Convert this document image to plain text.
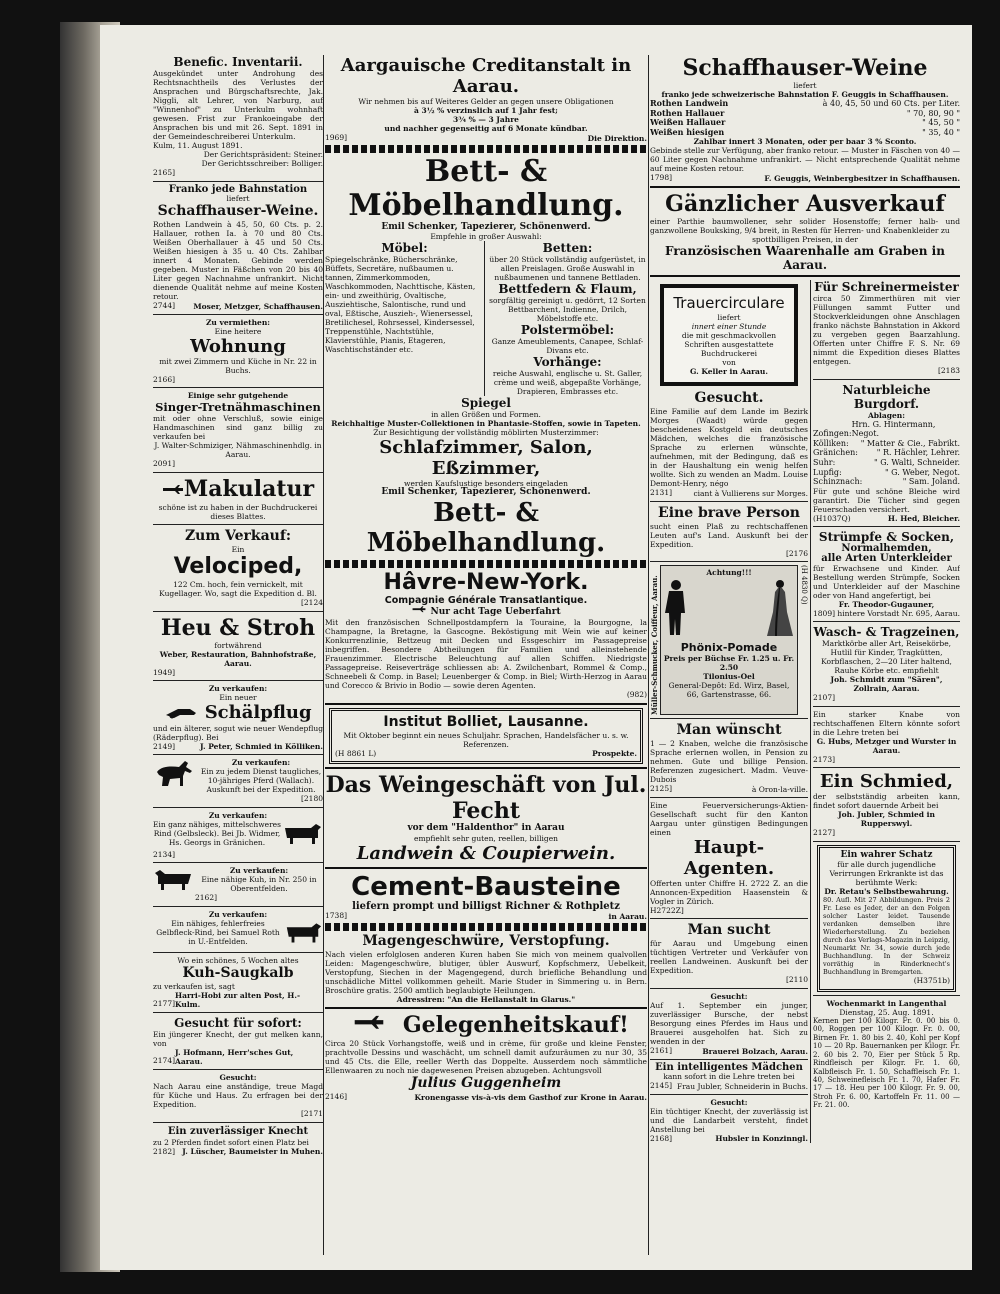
Benefic. Inventarii.
Ausgekündet unter Androhung des Rechtsnachtheils des Verlustes der Ansprachen und Bürgschaftsrechte, Jak. Niggli, alt Lehrer, von Narburg, auf "Winnenhof" zu Unterkulm wohnhaft gewesen. Frist zur Frankoeingabe der Ansprachen bis und mit 26. Sept. 1891 in der Gemeindeschreiberei Unterkulm.
Kulm, 11. August 1891.
Der Gerichtspräsident: Steiner.
Der Gerichtsschreiber: Bolliger.
2165]
Franko jede Bahnstation
liefert
Schaffhauser-Weine.
Rothen Landwein à 45, 50, 60 Cts. p. 2. Hallauer, rothen Ia. à 70 und 80 Cts. Weißen Oberhallauer à 45 und 50 Cts. Weißen hiesigen à 35 u. 40 Cts. Zahlbar innert 4 Monaten. Gebinde werden gegeben. Muster in Fäßchen von 20 bis 40 Liter gegen Nachnahme unfrankirt. Nicht dienende Qualität nehme auf meine Kosten retour.
2744] Moser, Metzger, Schaffhausen.
Zu vermiethen:
Eine heitere
Wohnung
mit zwei Zimmern und Küche in Nr. 22 in Buchs.
2166]
Einige sehr gutgehende
Singer-Tretnähmaschinen
mit oder ohne Verschluß, sowie einige Handmaschinen sind ganz billig zu verkaufen bei
J. Walter-Schmiziger, Nähmaschinenhdlg. in Aarau.
2091]
Makulatur
schöne ist zu haben in der Buchdruckerei dieses Blattes.
Zum Verkauf:
Ein
Velociped,
122 Cm. hoch, fein vernickelt, mit Kugellager. Wo, sagt die Expedition d. Bl.
[2124
Heu & Stroh
fortwährend
Weber, Restauration, Bahnhofstraße, Aarau.
1949]
Zu verkaufen:
Ein neuer
Schälpflug
und ein älterer, sogut wie neuer Wendepflug (Räderpflug). Bei
2149]	J. Peter, Schmied in Kölliken.
Zu verkaufen:
Ein zu jedem Dienst taugliches, 10-jähriges Pferd (Wallach). Auskunft bei der Expedition.
[2180
Zu verkaufen:
Ein ganz nähiges, mittelschweres Rind (Gelbsleck). Bei Jb. Widmer, Hs. Georgs in Gränichen.
2134]
Zu verkaufen:
Eine nähige Kuh, in Nr. 250 in Oberentfelden.
2162]
Zu verkaufen:
Ein nähiges, fehlerfreies Gelbfleck-Rind, bei Samuel Roth in U.-Entfelden.
Wo ein schönes, 5 Wochen altes
Kuh-Saugkalb
zu verkaufen ist, sagt
2177]
Harri-Hobi zur alten Post, H.-Kulm.
Gesucht für sofort:
Ein jüngerer Knecht, der gut melken kann, von
2174]
J. Hofmann, Herr'sches Gut, Aarau.
Gesucht:
Nach Aarau eine anständige, treue Magd für Küche und Haus. Zu erfragen bei der Expedition.
[2171
Ein zuverlässiger Knecht
zu 2 Pferden findet sofort einen Platz bei
2182] J. Lüscher, Baumeister in Muhen.
Aargauische Creditanstalt in Aarau.
Wir nehmen bis auf Weiteres Gelder an gegen unsere Obligationen
à 3½ % verzinslich auf 1 Jahr fest;
3¾ % — 3 Jahre
und nachher gegenseitig auf 6 Monate kündbar.
1969]	Die Direktion.
Bett- & Möbelhandlung.
Emil Schenker, Tapezierer, Schönenwerd.
Empfehle in großer Auswahl:
Möbel:
Spiegelschränke, Bücherschränke, Büffets, Secretäre, nußbaumen u. tannen, Zimmerkommoden, Waschkommoden, Nachttische, Kästen, ein- und zweithürig, Ovaltische, Ausziehtische, Salontische, rund und oval, Eßtische, Auszieh-, Wienersessel, Bretilichesel, Rohrsessel, Kindersessel, Treppenstühle, Nachtstühle, Klavierstühle, Pianis, Etageren, Waschtischständer etc.
Betten:
über 20 Stück vollständig aufgerüstet, in allen Preislagen. Große Auswahl in nußbaumenen und tannene Bettladen.
Bettfedern & Flaum,
sorgfältig gereinigt u. gedörrt, 12 Sorten Bettbarchent, Indienne, Drilch, Möbelstoffe etc.
Polstermöbel:
Ganze Ameublements, Canapee, Schlaf-Divans etc.
Vorhänge:
reiche Auswahl, englische u. St. Galler, crème und weiß, abgepaßte Vorhänge, Drapieren, Embrasses etc.
Spiegel
in allen Größen und Formen.
Reichhaltige Muster-Collektionen in Phantasie-Stoffen, sowie in Tapeten.
Zur Besichtigung der vollständig möblirten Musterzimmer:
Schlafzimmer, Salon, Eßzimmer,
werden Kaufslustige besonders eingeladen
Emil Schenker, Tapezierer, Schönenwerd.
Bett- & Möbelhandlung.
Hâvre-New-York.
Compagnie Générale Transatlantique.
Nur acht Tage Ueberfahrt
Mit den französischen Schnellpostdampfern la Touraine, la Bourgogne, la Champagne, la Bretagne, la Gascogne. Beköstigung mit Wein wie auf keiner Konkurrenzlinie, Bettzeug mit Decken und Essgeschirr im Passagepreise inbegriffen. Besondere Abtheilungen für Familien und alleinstehende Frauenzimmer. Electrische Beleuchtung auf allen Schiffen. Niedrigste Passagepreise. Reiseverträge schliessen ab: A. Zwilchenbart, Rommel & Comp., Schneebeli & Comp. in Basel; Leuenberger & Comp. in Biel; Wirth-Herzog in Aarau und Corecco & Brivio in Bodio — sowie deren Agenten.
(982)
Institut Bolliet, Lausanne.
Mit Oktober beginnt ein neues Schuljahr. Sprachen, Handelsfächer u. s. w. Referenzen.
(H 8861 L)	Prospekte.
Das Weingeschäft von Jul. Fecht
vor dem "Haldenthor" in Aarau
empfiehlt sehr guten, reellen, billigen
Landwein & Coupierwein.
Cement-Bausteine
liefern prompt und billigst Richner & Rothpletz
1738]	in Aarau.
Magengeschwüre, Verstopfung.
Nach vielen erfolglosen anderen Kuren haben Sie mich von meinem qualvollen Leiden: Magengeschwüre, blutiger, übler Auswurf, Kopfschmerz, Uebelkeit, Verstopfung, Siechen in der Magengegend, durch briefliche Behandlung und unschädliche Mittel vollkommen geheilt. Marie Studer in Simmering u. in Bern. Broschüre gratis. 2500 amtlich beglaubigte Heilungen.
Adressiren: "An die Heilanstalt in Glarus."
Gelegenheitskauf!
Circa 20 Stück Vorhangstoffe, weiß und in crème, für große und kleine Fenster, prachtvolle Dessins und waschächt, um schnell damit aufzuräumen zu nur 30, 35 und 45 Cts. die Elle, reeller Werth das Doppelte. Ausserdem noch sämmtliche Ellenwaaren zu noch nie dagewesenen Preisen abzugeben. Achtungsvoll
Julius Guggenheim
2146]	Kronengasse vis-à-vis dem Gasthof zur Krone in Aarau.
Schaffhauser-Weine
liefert
franko jede schweizerische Bahnstation F. Geuggis in Schaffhausen.
Rothen Landwein	à 40, 45, 50 und 60 Cts. per Liter.
Rothen Hallauer	" 70, 80, 90 "
Weißen Hallauer	" 45, 50 "
Weißen hiesigen	" 35, 40 "
Zahlbar innert 3 Monaten, oder per baar 3 % Sconto.
Gebinde stelle zur Verfügung, aber franko retour. — Muster in Fäschen von 40 — 60 Liter gegen Nachnahme unfrankirt. — Nicht entsprechende Qualität nehme auf meine Kosten retour.
1798]	F. Geuggis, Weinbergbesitzer in Schaffhausen.
Gänzlicher Ausverkauf
einer Parthie baumwollener, sehr solider Hosenstoffe; ferner halb- und ganzwollene Bouksking, 9/4 breit, in Resten für Herren- und Knabenkleider zu
spottbilligen Preisen, in der
Französischen Waarenhalle am Graben in Aarau.
Trauercirculare
liefert
innert einer Stunde
die mit geschmackvollen Schriften ausgestattete Buchdruckerei
von
G. Keller in Aarau.
Gesucht.
Eine Familie auf dem Lande im Bezirk Morges (Waadt) würde gegen bescheidenes Kostgeld ein deutsches Mädchen, welches die französische Sprache zu erlernen wünschte, aufnehmen, mit der Bedingung, daß es in der Haushaltung ein wenig helfen wollte. Sich zu wenden an Madm. Louise Demont-Henry, négo
2131]	ciant à Vullierens sur Morges.
Eine brave Person
sucht einen Plaß zu rechtschaffenen Leuten auf's Land. Auskunft bei der Expedition.
[2176
Müller-Schmucker, Coiffeur, Aarau.
Achtung!!!
Phönix-Pomade
Preis per Büchse Fr. 1.25 u. Fr. 2.50
Tilonius-Oel
General-Depôt: Ed. Wirz, Basel,
66, Gartenstrasse, 66.
(H 4830 Q)
Man wünscht
1 — 2 Knaben, welche die französische Sprache erlernen wollen, in Pension zu nehmen. Gute und billige Pension. Referenzen zugesichert. Madm. Veuve-Dubois
2125]	à Oron-la-ville.
Eine Feuerversicherungs-Aktien-Gesellschaft sucht für den Kanton Aargau unter günstigen Bedingungen einen
Haupt-Agenten.
Offerten unter Chiffre H. 2722 Z. an die Annoncen-Expedition Haasenstein & Vogler in Zürich.
H2722Z]
Man sucht
für Aarau und Umgebung einen tüchtigen Vertreter und Verkäufer von reellen Landweinen. Auskunft bei der Expedition.
[2110
Gesucht:
Auf 1. September ein junger, zuverlässiger Bursche, der nebst Besorgung eines Pferdes im Haus und Brauerei ausgeholfen hat. Sich zu wenden in der
2161]	Brauerei Bolzach, Aarau.
Ein intelligentes Mädchen
kann sofort in die Lehre treten bei
2145] Frau Jubler, Schneiderin in Buchs.
Gesucht:
Ein tüchtiger Knecht, der zuverlässig ist und die Landarbeit versteht, findet Anstellung bei
2168]	Hubsler in Konzinngl.
Für Schreinermeister
circa 50 Zimmerthüren mit vier Füllungen sammt Futter und Stockverkleidungen ohne Anschlagen franko nächste Bahnstation in Akkord zu vergeben gegen Baarzahlung. Offerten unter Chiffre F. S. Nr. 69 nimmt die Expedition dieses Blattes entgegen.
[2183
Naturbleiche Burgdorf.
Ablagen:
Zofingen:
Hrn. G. Hintermann, Negot.
Kölliken: " Matter & Cie., Fabrikt.
Gränichen: " R. Hächler, Lehrer.
Suhr:	" G. Walti, Schneider.
Lupfig:	" G. Weber, Negot.
Schinznach:	" Sam. Joland.
Für gute und schöne Bleiche wird garantirt. Die Tücher sind gegen Feuerschaden versichert.
(H1037Q)	H. Hed, Bleicher.
Strümpfe & Socken,
Normalhemden,
alle Arten Unterkleider
für Erwachsene und Kinder. Auf Bestellung werden Strümpfe, Socken und Unterkleider auf der Maschine oder von Hand angefertigt, bei
Fr. Theodor-Gugauner,
1809] hintere Vorstadt Nr. 695, Aarau.
Wasch- & Tragzeinen,
Marktkörbe aller Art, Reisekörbe, Hutlil für Kinder, Tragkütten, Korbflaschen, 2—20 Liter haltend, Rauhe Körbe etc. empfiehlt
Joh. Schmidt zum "Sären", Zollrain, Aarau.
2107]
Ein starker Knabe von rechtschaffenen Eltern könnte sofort in die Lehre treten bei
G. Hubs, Metzger und Wurster in Aarau.
2173]
Ein Schmied,
der selbstständig arbeiten kann, findet sofort dauernde Arbeit bei
Joh. Jubler, Schmied in Rupperswyl.
2127]
Ein wahrer Schatz
für alle durch jugendliche Verirrungen Erkrankte ist das berühmte Werk:
Dr. Retau's Selbstbewahrung.
80. Aufl. Mit 27 Abbildungen. Preis 2 Fr. Lese es Jeder, der an den Folgen solcher Laster leidet. Tausende verdanken demselben ihre Wiederherstellung. Zu beziehen durch das Verlags-Magazin in Leipzig, Neumarkt Nr. 34, sowie durch jede Buchhandlung. In der Schweiz vorräthig in Rinderknecht's Buchhandlung in Bremgarten.
(H3751b)
Wochenmarkt in Langenthal
Dienstag, 25. Aug. 1891.
Kernen per 100 Kilogr. Fr. 0. 00 bis 0. 00, Roggen per 100 Kilogr. Fr. 0. 00, Birnen Fr. 1. 80 bis 2. 40, Kohl per Kopf 10 — 20 Rp. Bauernanken per Kilogr. Fr. 2. 60 bis 2. 70, Eier per Stück 5 Rp. Rindfleisch per Kilogr. Fr. 1. 60, Kalbfleisch Fr. 1. 50, Schaffleisch Fr. 1. 40, Schweinefleisch Fr. 1. 70, Hafer Fr. 17 — 18. Heu per 100 Kilogr. Fr. 9. 00, Stroh Fr. 6. 00, Kartoffeln Fr. 11. 00 — Fr. 21. 00.
